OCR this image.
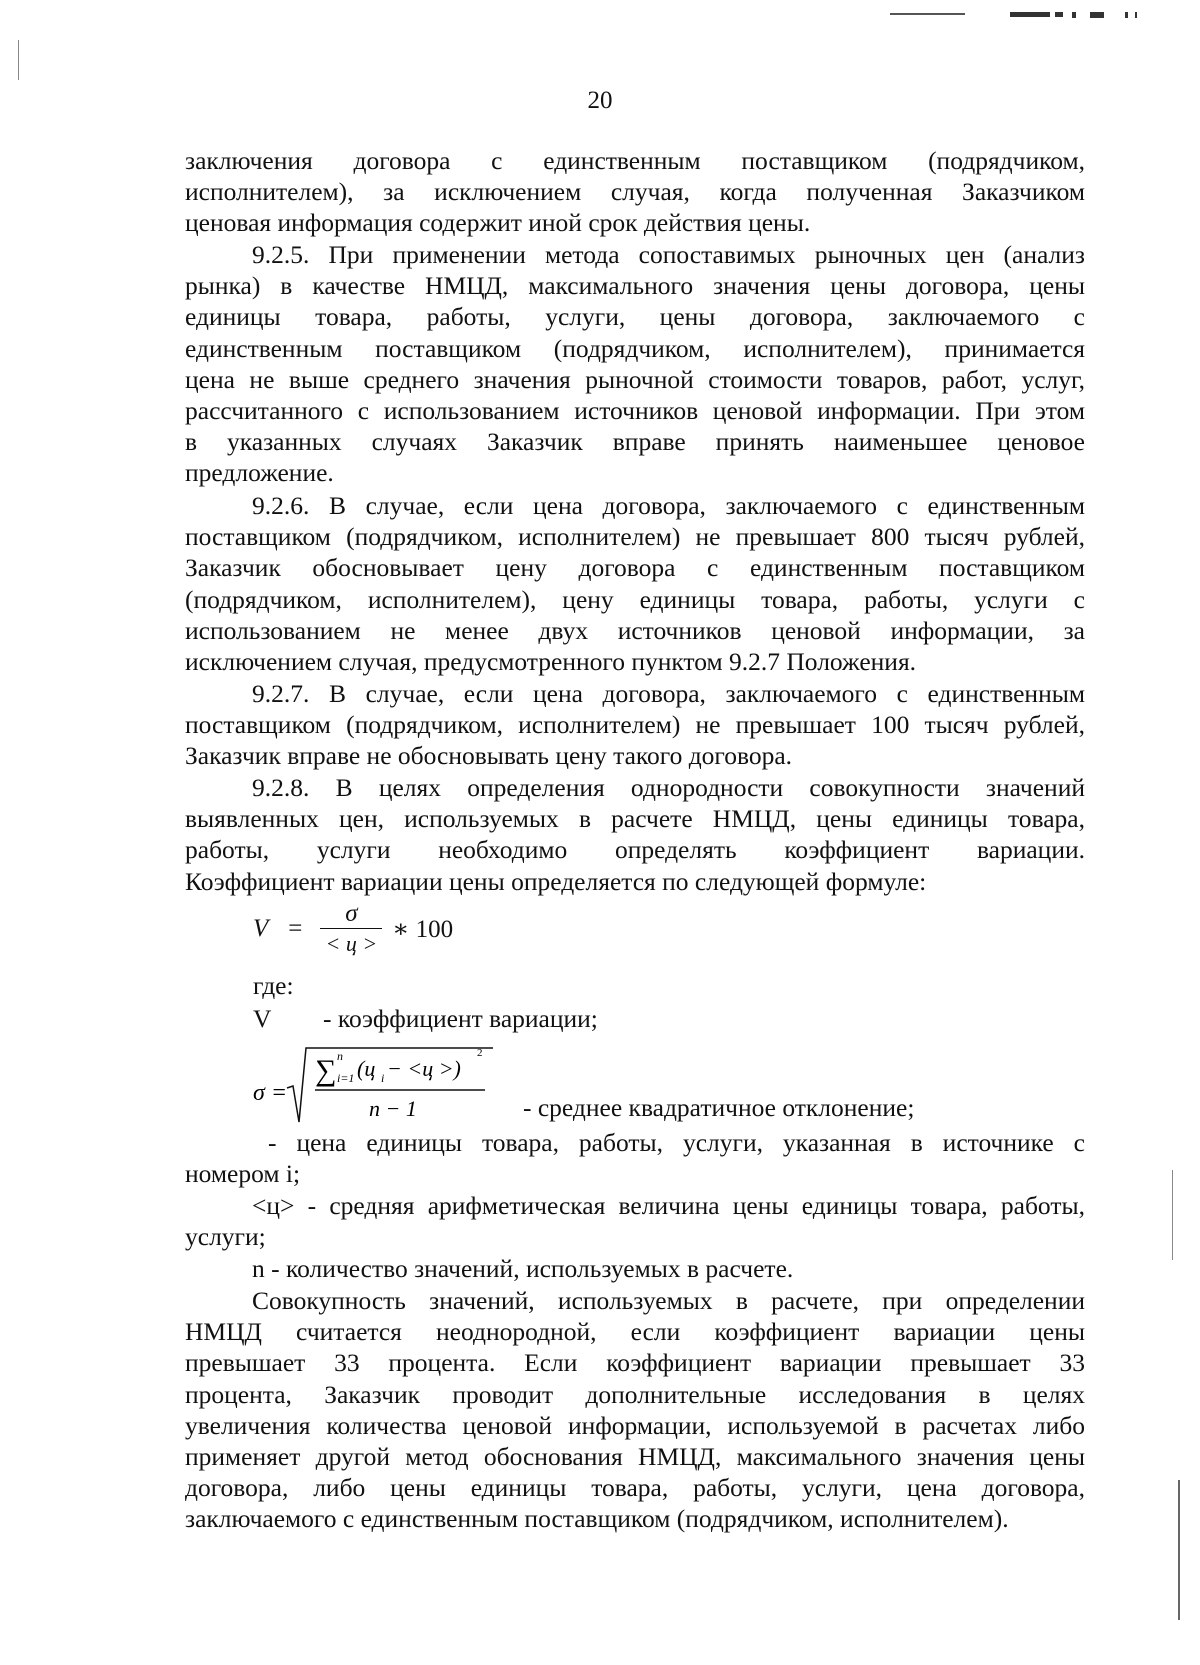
20

заключения договора с единственным поставщиком (подрядчиком,

исполнителем), за исключением случая, когда полученная Заказчиком

ценовая информация содержит иной срок действия цены.

9.2.5. При применении метода сопоставимых рыночных цен (анализ

рынка) в качестве НМЦД, максимального значения цены договора, цены

единицы товара, работы, услуги, цены договора, заключаемого с

единственным поставщиком (подрядчиком, исполнителем), принимается

цена не выше среднего значения рыночной стоимости товаров, работ, услуг,

рассчитанного с использованием источников ценовой информации. При этом

в указанных случаях Заказчик вправе принять наименьшее ценовое

предложение.

9.2.6. В случае, если цена договора, заключаемого с единственным

поставщиком (подрядчиком, исполнителем) не превышает 800 тысяч рублей,

Заказчик обосновывает цену договора с единственным поставщиком

(подрядчиком, исполнителем), цену единицы товара, работы, услуги с

использованием не менее двух источников ценовой информации, за

исключением случая, предусмотренного пунктом 9.2.7 Положения.

9.2.7. В случае, если цена договора, заключаемого с единственным

поставщиком (подрядчиком, исполнителем) не превышает 100 тысяч рублей,

Заказчик вправе не обосновывать цену такого договора.

9.2.8. В целях определения однородности совокупности значений

выявленных цен, используемых в расчете НМЦД, цены единицы товара,

работы, услуги необходимо определять коэффициент вариации.

Коэффициент вариации цены определяется по следующей формуле:

$V = \frac{\sigma}{< ц >}$ ∗ 100
где:
V - коэффициент вариации;
σ =
∑ n
i=1 (ц i − <ц >)
2
n − 1	- среднее квадратичное отклонение;

- цена единицы товара, работы, услуги, указанная в источнике с

номером i;

<ц> - средняя арифметическая величина цены единицы товара, работы,

услуги;

n - количество значений, используемых в расчете.

Совокупность значений, используемых в расчете, при определении

НМЦД считается неоднородной, если коэффициент вариации цены

превышает 33 процента. Если коэффициент вариации превышает 33

процента, Заказчик проводит дополнительные исследования в целях

увеличения количества ценовой информации, используемой в расчетах либо

применяет другой метод обоснования НМЦД, максимального значения цены

договора, либо цены единицы товара, работы, услуги, цена договора,

заключаемого с единственным поставщиком (подрядчиком, исполнителем).
